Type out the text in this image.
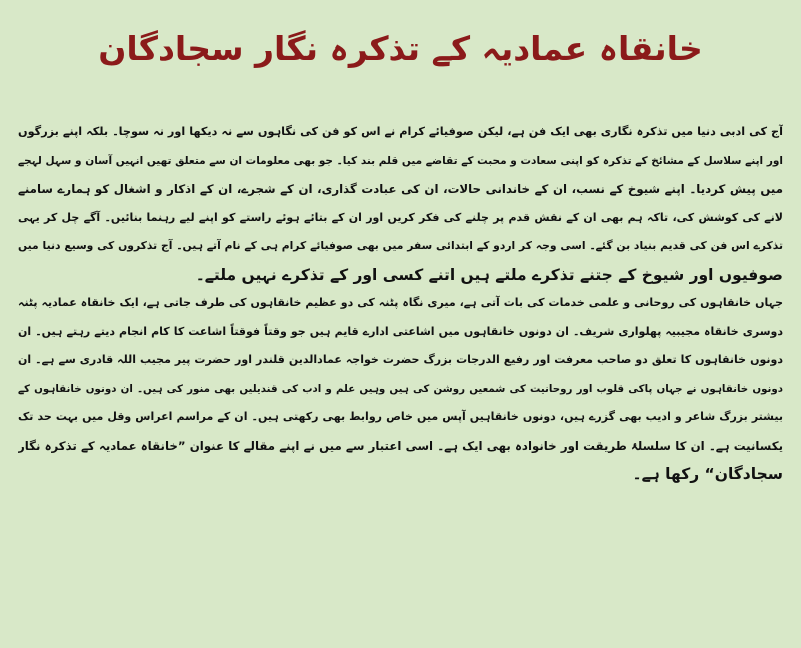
خانقاہ عمادیہ کے تذکرہ نگار سجادگان
آج کی ادبی دنیا میں تذکرہ نگاری بھی ایک فن ہے، لیکن صوفیائے کرام نے اس کو فن کی نگاہوں سے نہ دیکھا اور نہ سوچا۔ بلکہ اپنے بزرگوں
اور اپنے سلاسل کے مشائخ کے تذکرہ کو اپنی سعادت و محبت کے تقاضے میں قلم بند کیا۔ جو بھی معلومات ان سے متعلق تھیں انہیں آسان و سہل لہجے
میں پیش کردیا۔ اپنے شیوخ کے نسب، ان کے خاندانی حالات، ان کی عبادت گذاری، ان کے شجرے، ان کے اذکار و اشغال کو ہمارے سامنے
لانے کی کوشش کی، تاکہ ہم بھی ان کے نقش قدم پر چلنے کی فکر کریں اور ان کے بتائے ہوئے راستے کو اپنے لیے رہنما بنائیں۔ آگے چل کر یہی
تذکرے اس فن کی قدیم بنیاد بن گئے۔ اسی وجہ کر اردو کے ابتدائی سفر میں بھی صوفیائے کرام ہی کے نام آتے ہیں۔ آج تذکروں کی وسیع دنیا میں
صوفیوں اور شیوخ کے جتنے تذکرے ملتے ہیں اتنے کسی اور کے تذکرے نہیں ملتے۔
جہاں خانقاہوں کی روحانی و علمی خدمات کی بات آتی ہے، میری نگاہ پٹنہ کی دو عظیم خانقاہوں کی طرف جاتی ہے، ایک خانقاہ عمادیہ پٹنہ
دوسری خانقاہ مجیبیہ پھلواری شریف۔ ان دونوں خانقاہوں میں اشاعتی ادارے قایم ہیں جو وقتاً فوقتاً اشاعت کا کام انجام دیتے رہتے ہیں۔ ان
دونوں خانقاہوں کا تعلق دو صاحب معرفت اور رفیع الدرجات بزرگ حضرت خواجہ عمادالدین قلندر اور حضرت پیر مجیب اللہ قادری سے ہے۔ ان
دونوں خانقاہوں نے جہاں پاکی قلوب اور روحانیت کی شمعیں روشن کی ہیں وہیں علم و ادب کی قندیلیں بھی منور کی ہیں۔ ان دونوں خانقاہوں کے
بیشتر بزرگ شاعر و ادیب بھی گزرے ہیں، دونوں خانقاہیں آپس میں خاص روابط بھی رکھتی ہیں۔ ان کے مراسم اعراس وقل میں بہت حد تک
یکسانیت ہے۔ ان کا سلسلۂ طریقت اور خانوادہ بھی ایک ہے۔ اسی اعتبار سے میں نے اپنے مقالے کا عنوان ”خانقاہ عمادیہ کے تذکرہ نگار
سجادگان“ رکھا ہے۔
